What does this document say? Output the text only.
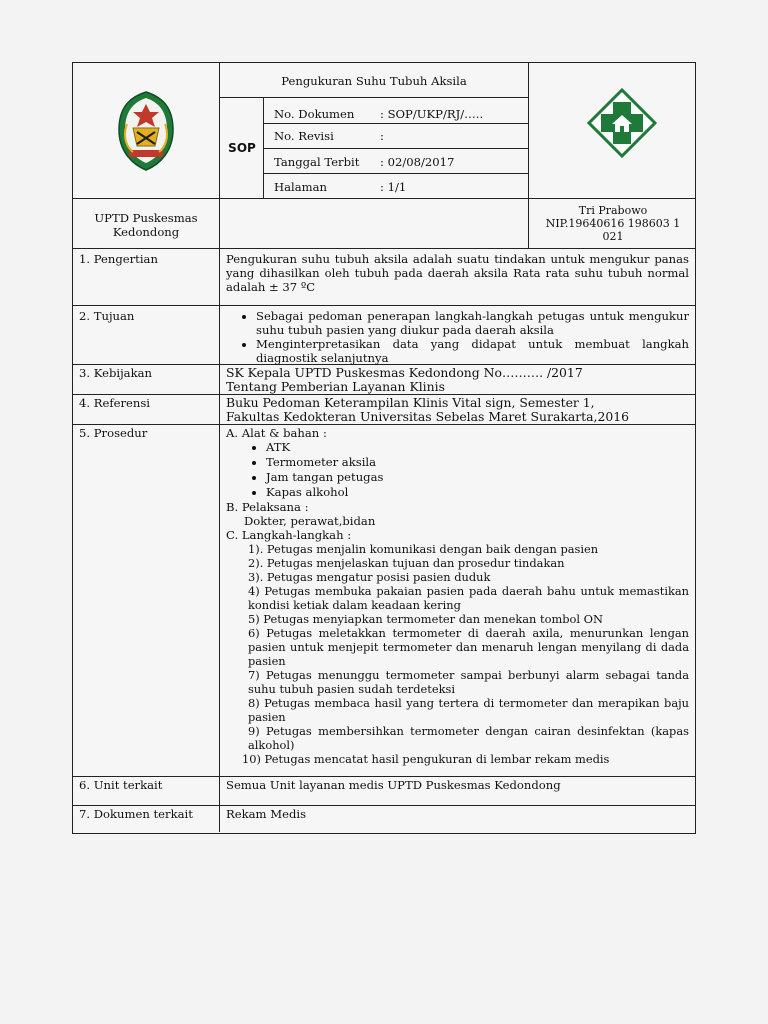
Pengukuran Suhu Tubuh Aksila
SOP
No. Dokumen : SOP/UKP/RJ/…..
No. Revisi	:
Tanggal Terbit : 02/08/2017
Halaman	: 1/1
UPTD Puskesmas Kedondong
Tri Prabowo
NIP.19640616 198603 1 021
1. Pengertian	Pengukuran suhu tubuh aksila adalah suatu tindakan untuk mengukur panas yang dihasilkan oleh tubuh pada daerah aksila Rata rata suhu tubuh normal adalah ± 37 ºC
2. Tujuan
•	Sebagai pedoman penerapan langkah-langkah petugas untuk mengukur suhu tubuh pasien yang diukur pada daerah aksila
• Menginterpretasikan data yang didapat untuk membuat langkah diagnostik selanjutnya
3. Kebijakan	SK Kepala UPTD Puskesmas Kedondong No………. /2017
Tentang Pemberian Layanan Klinis
4. Referensi	Buku Pedoman Keterampilan Klinis Vital sign, Semester 1,
Fakultas Kedokteran Universitas Sebelas Maret Surakarta,2016
5. Prosedur	A. Alat & bahan :
• ATK
• Termometer aksila
• Jam tangan petugas
• Kapas alkohol
B. Pelaksana :
Dokter, perawat,bidan
C. Langkah-langkah :
1). Petugas menjalin komunikasi dengan baik dengan pasien
2). Petugas menjelaskan tujuan dan prosedur tindakan
3). Petugas mengatur posisi pasien duduk
4) Petugas membuka pakaian pasien pada daerah bahu untuk memastikan kondisi ketiak dalam keadaan kering
5) Petugas menyiapkan termometer dan menekan tombol ON
6) Petugas meletakkan termometer di daerah axila, menurunkan lengan pasien untuk menjepit termometer dan menaruh lengan menyilang di dada pasien
7) Petugas menunggu termometer sampai berbunyi alarm sebagai tanda suhu tubuh pasien sudah terdeteksi
8) Petugas membaca hasil yang tertera di termometer dan merapikan baju pasien
9) Petugas membersihkan termometer dengan cairan desinfektan (kapas alkohol)
10) Petugas mencatat hasil pengukuran di lembar rekam medis
6. Unit terkait	Semua Unit layanan medis UPTD Puskesmas Kedondong
7. Dokumen terkait	Rekam Medis
